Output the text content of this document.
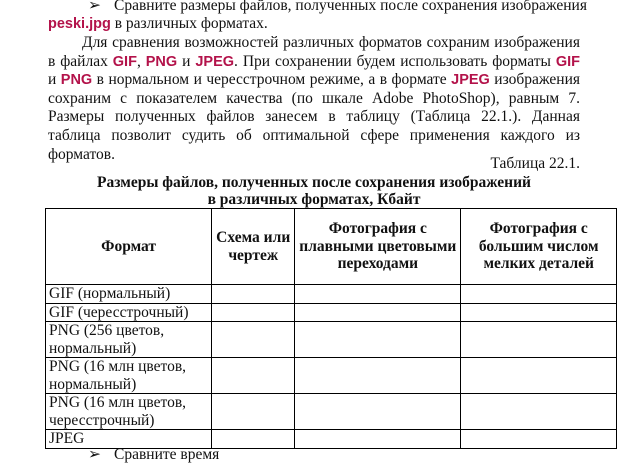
➢ Сравните размеры файлов, полученных после сохранения изображения
peski.jpg в различных форматах.
Для сравнения возможностей различных форматов сохраним изображения в файлах GIF, PNG и JPEG. При сохранении будем использовать форматы GIF и PNG в нормальном и чересстрочном режиме, а в формате JPEG изображения сохраним с показателем качества (по шкале Adobe PhotoShop), равным 7. Размеры полученных файлов занесем в таблицу (Таблица 22.1.). Данная таблица позволит судить об оптимальной сфере применения каждого из форматов.
Таблица 22.1.
Размеры файлов, полученных после сохранения изображений
в различных форматах, Кбайт
Формат	Схема или чертеж	Фотография с плавными цветовыми переходами	Фотография с большим числом мелких деталей
GIF (нормальный)			
GIF (чересстрочный)			
PNG (256 цветов, нормальный)			
PNG (16 млн цветов, нормальный)			
PNG (16 млн цветов, чересстрочный)			
JPEG			
➢ Сравните время
